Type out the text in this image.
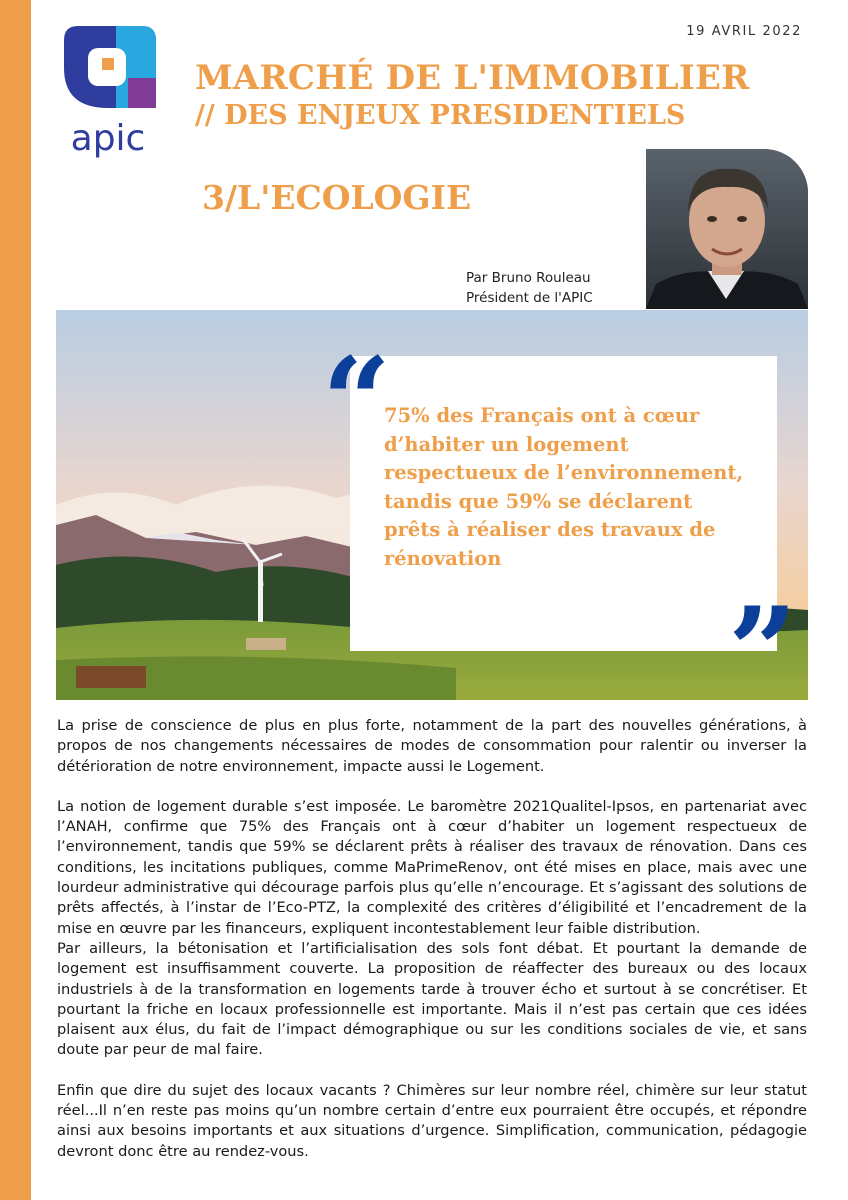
19 AVRIL 2022
apic
MARCHÉ DE L'IMMOBILIER
// DES ENJEUX PRESIDENTIELS
3/L'ECOLOGIE
Par Bruno Rouleau
Président de l'APIC
“
75% des Français ont à cœur d’habiter un logement respectueux de l’environnement, tandis que 59% se déclarent prêts à réaliser des travaux de rénovation
”

La prise de conscience de plus en plus forte, notamment de la part des nouvelles générations, à propos de nos changements nécessaires de modes de consommation pour ralentir ou inverser la détérioration de notre environnement, impacte aussi le Logement.

La notion de logement durable s’est imposée. Le baromètre 2021Qualitel-Ipsos, en partenariat avec l’ANAH, confirme que 75% des Français ont à cœur d’habiter un logement respectueux de l’environnement, tandis que 59% se déclarent prêts à réaliser des travaux de rénovation. Dans ces conditions, les incitations publiques, comme MaPrimeRenov, ont été mises en place, mais avec une lourdeur administrative qui décourage parfois plus qu’elle n’encourage. Et s’agissant des solutions de prêts affectés, à l’instar de l’Eco-PTZ, la complexité des critères d’éligibilité et l’encadrement de la mise en œuvre par les financeurs, expliquent incontestablement leur faible distribution.

Par ailleurs, la bétonisation et l’artificialisation des sols font débat. Et pourtant la demande de logement est insuffisamment couverte. La proposition de réaffecter des bureaux ou des locaux industriels à de la transformation en logements tarde à trouver écho et surtout à se concrétiser. Et pourtant la friche en locaux professionnelle est importante. Mais il n’est pas certain que ces idées plaisent aux élus, du fait de l’impact démographique ou sur les conditions sociales de vie, et sans doute par peur de mal faire.

Enfin que dire du sujet des locaux vacants ? Chimères sur leur nombre réel, chimère sur leur statut réel...Il n’en reste pas moins qu’un nombre certain d’entre eux pourraient être occupés, et répondre ainsi aux besoins importants et aux situations d’urgence. Simplification, communication, pédagogie devront donc être au rendez-vous.
